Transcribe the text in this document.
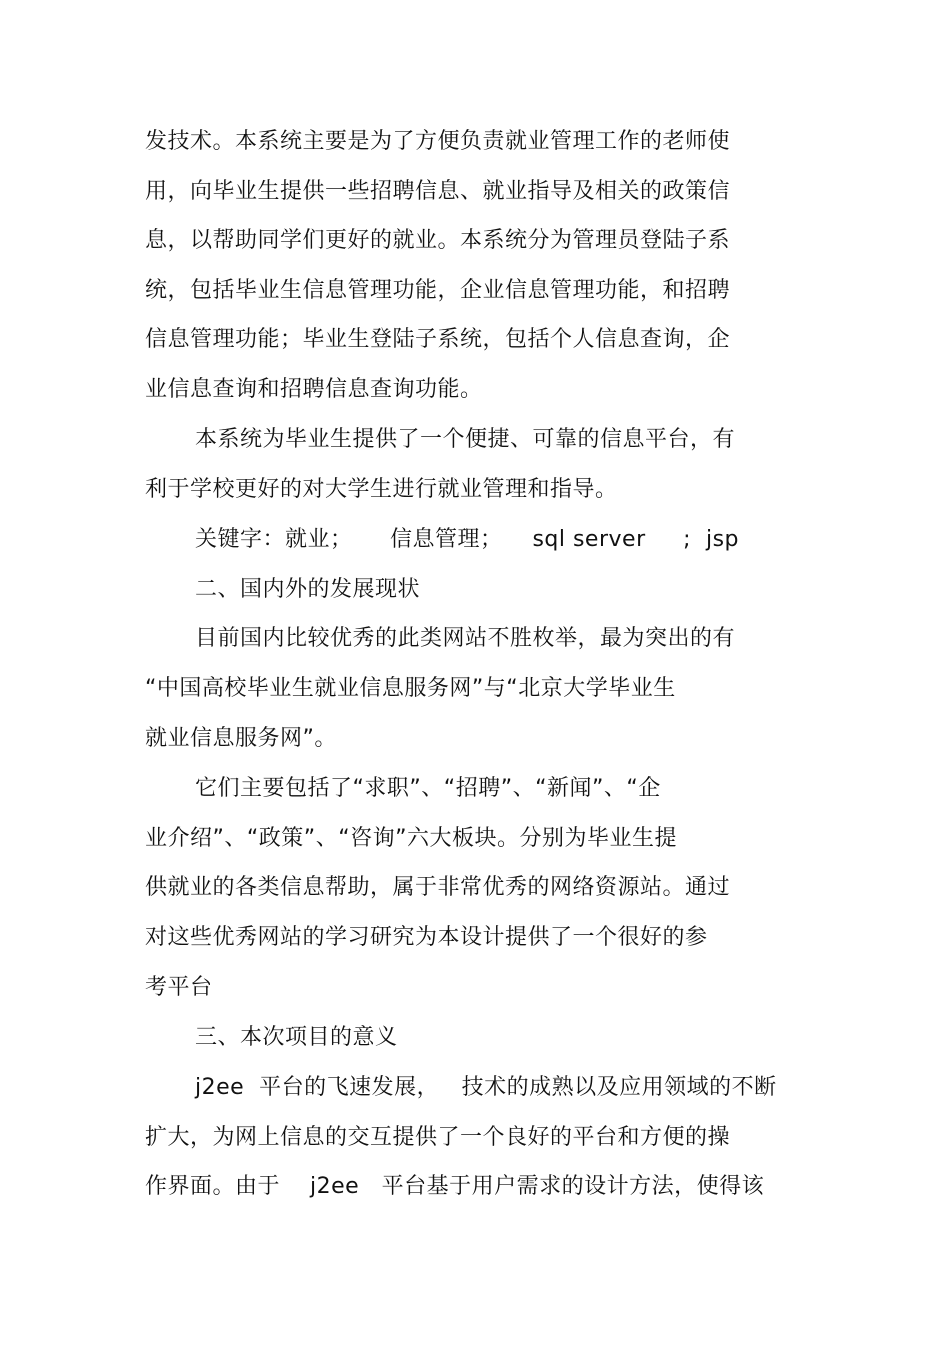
发技术。本系统主要是为了方便负责就业管理工作的老师使
用，向毕业生提供一些招聘信息、就业指导及相关的政策信
息，以帮助同学们更好的就业。本系统分为管理员登陆子系
统，包括毕业生信息管理功能，企业信息管理功能，和招聘
信息管理功能；毕业生登陆子系统，包括个人信息查询，企
业信息查询和招聘信息查询功能。
本系统为毕业生提供了一个便捷、可靠的信息平台，有
利于学校更好的对大学生进行就业管理和指导。
关键字：就业；     信息管理；    sql server     ;  jsp
二、国内外的发展现状
目前国内比较优秀的此类网站不胜枚举，最为突出的有
“中国高校毕业生就业信息服务网”与“北京大学毕业生
就业信息服务网”。
它们主要包括了“求职”、“招聘”、“新闻”、“企
业介绍”、“政策”、“咨询”六大板块。分别为毕业生提
供就业的各类信息帮助，属于非常优秀的网络资源站。通过
对这些优秀网站的学习研究为本设计提供了一个很好的参
考平台
三、本次项目的意义
j2ee  平台的飞速发展，   技术的成熟以及应用领域的不断
扩大，为网上信息的交互提供了一个良好的平台和方便的操
作界面。由于    j2ee   平台基于用户需求的设计方法，使得该
